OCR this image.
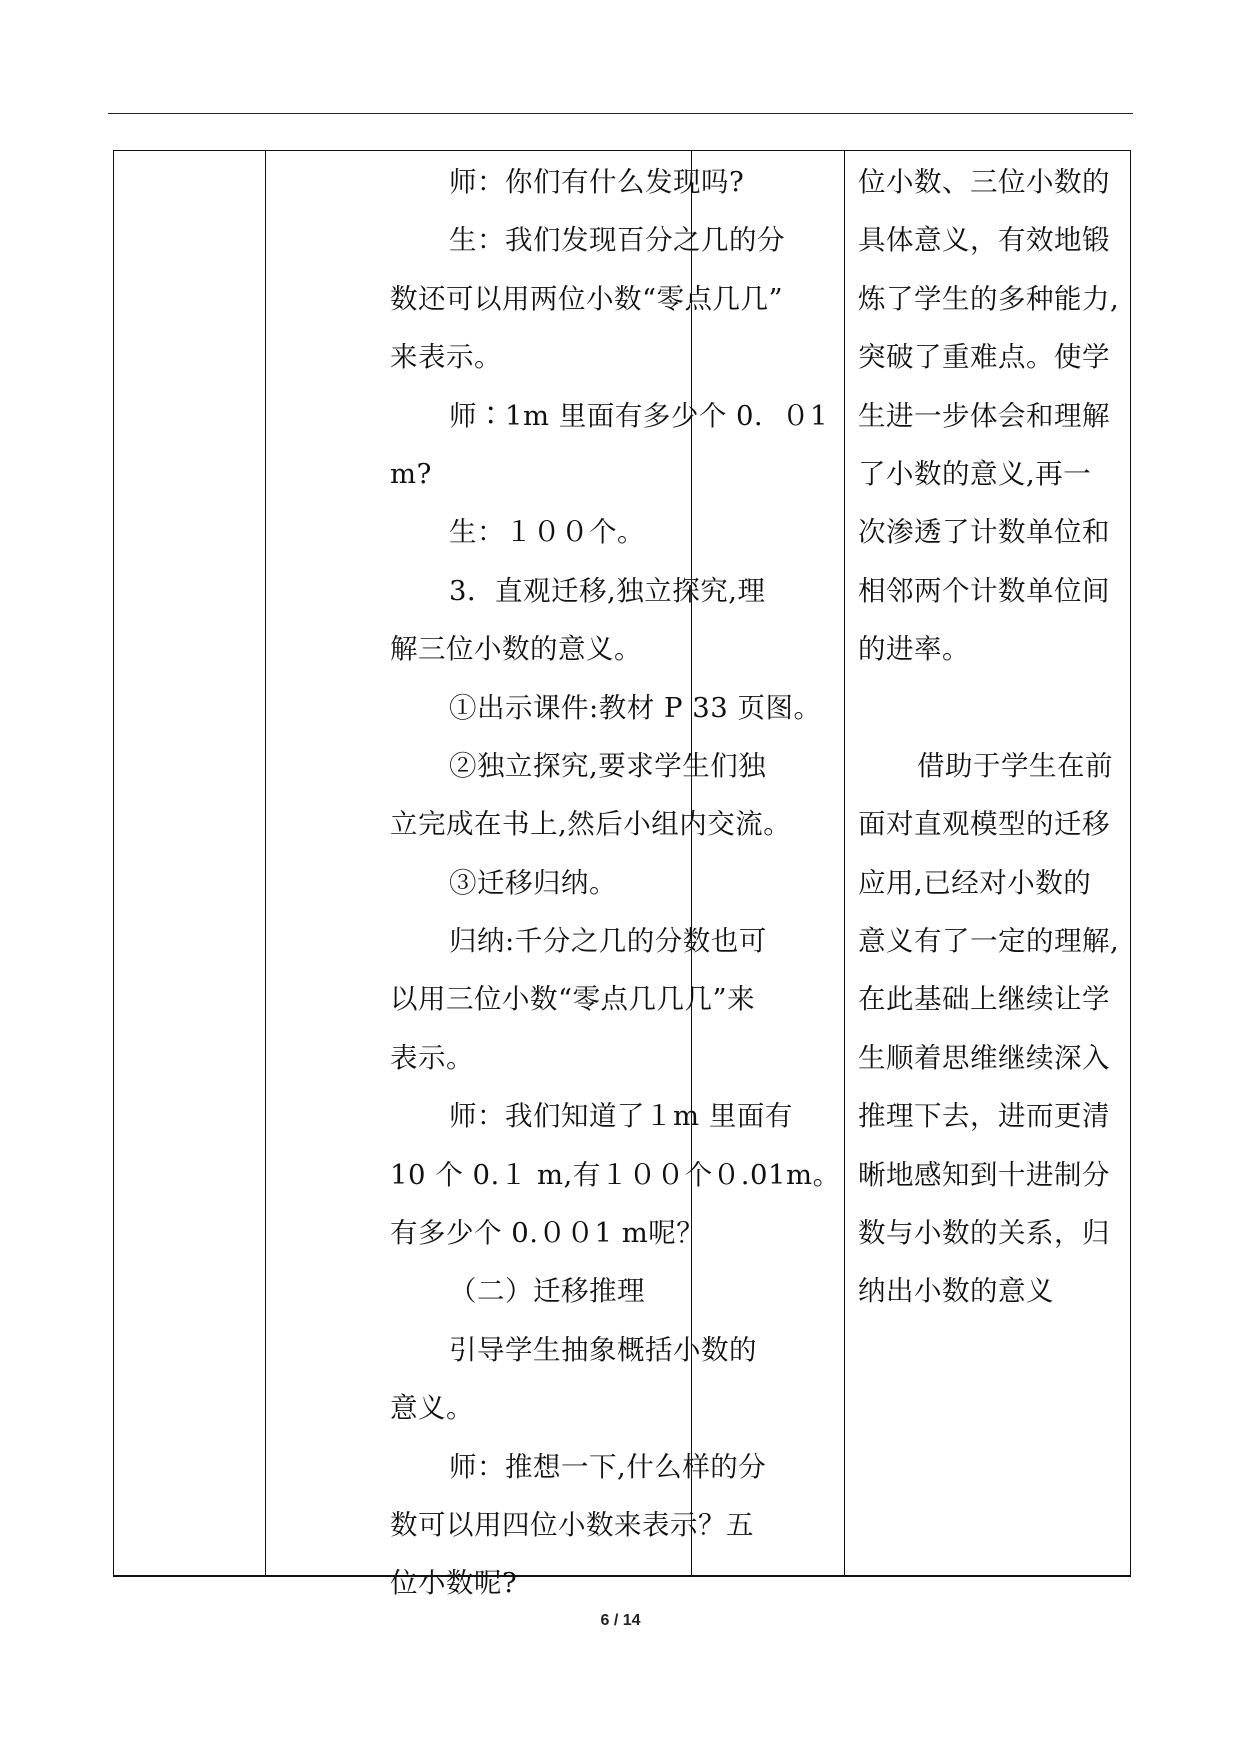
师：你们有什么发现吗?
生：我们发现百分之几的分
数还可以用两位小数“零点几几”
来表示。
师∶1m 里面有多少个 0．０1
m?
生：１００个。
3．直观迁移,独立探究,理
解三位小数的意义。
①出示课件:教材 P 33 页图。
②独立探究,要求学生们独
立完成在书上,然后小组内交流。
③迁移归纳。
归纳:千分之几的分数也可
以用三位小数“零点几几几”来
表示。
师：我们知道了１m 里面有
10 个 0.１ m,有１００个０.01m。
有多少个 0.００1 m呢？
（二）迁移推理
引导学生抽象概括小数的
意义。
师：推想一下,什么样的分
数可以用四位小数来表示？五
位小数呢?
位小数、三位小数的
具体意义，有效地锻
炼了学生的多种能力,
突破了重难点。使学
生进一步体会和理解
了小数的意义,再一
次渗透了计数单位和
相邻两个计数单位间
的进率。
借助于学生在前
面对直观模型的迁移
应用,已经对小数的
意义有了一定的理解,
在此基础上继续让学
生顺着思维继续深入
推理下去，进而更清
晰地感知到十进制分
数与小数的关系，归
纳出小数的意义
6 / 14
